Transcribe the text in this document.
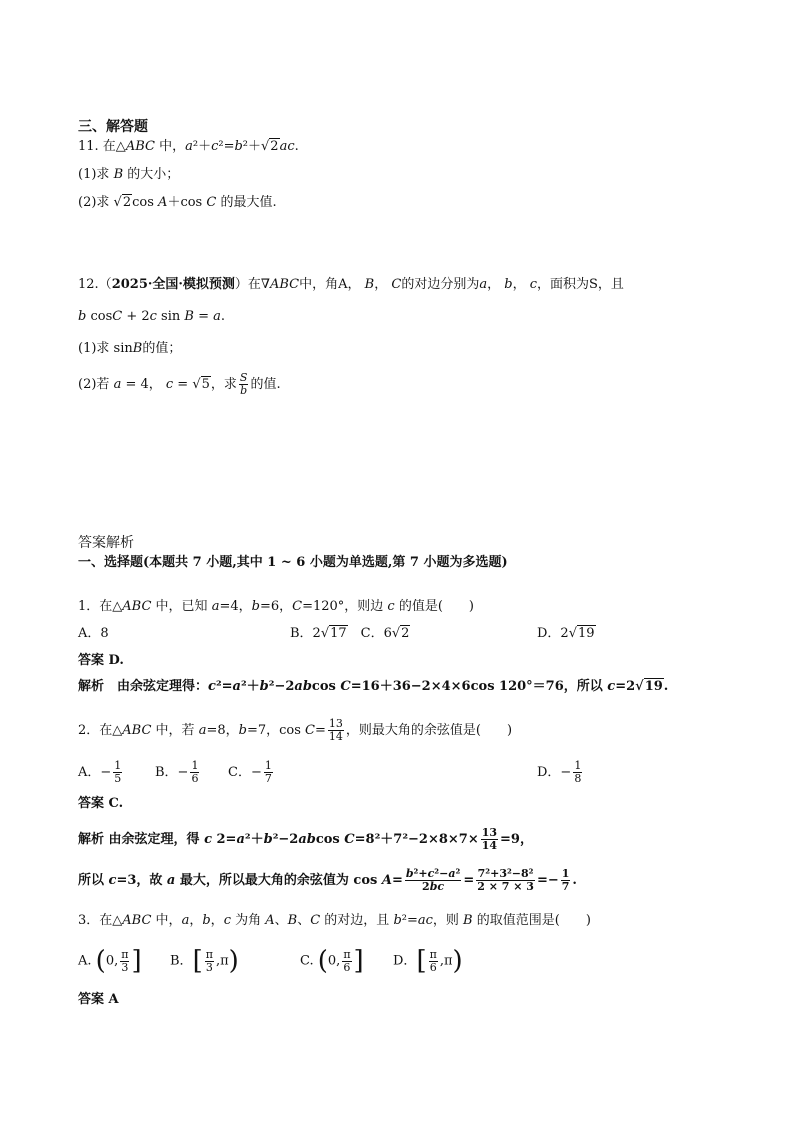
三、解答题
11. 在△ABC 中，a²＋c²=b²＋√2ac.
(1)求 B 的大小；
(2)求 √2cos A＋cos C 的最大值.
12.（2025·全国·模拟预测）在∇ABC中，角A， B， C的对边分别为a， b， c，面积为S，且
b cosC + 2c sin B = a.
(1)求 sinB的值；
(2)若 a = 4， c = √5，求 $\frac{S}{b}$ 的值.
答案解析
一、选择题(本题共 7 小题,其中 1 ~ 6 小题为单选题,第 7 小题为多选题)
1．在△ABC 中，已知 a=4，b=6，C=120°，则边 c 的值是(　　)
A．8	B．2√17　C．6√2	D．2√19
答案 D.
解析　由余弦定理得：c²=a²＋b²−2abcos C=16＋36−2×4×6cos 120°＝76，所以 c=2√19.
2．在△ABC 中，若 a=8，b=7，$\cos C= \frac{13}{14}$ ，则最大角的余弦值是(　　)
A．− $\frac{1}{5}$	B．− $\frac{1}{6}$ C．− $\frac{1}{7}$	D．− $\frac{1}{8}$
答案 C.
解析 由余弦定理，得 c 2=a²＋b²−2abcos $C=8^2+7^2-2\times 8\times 7\times \frac{13}{14} =9$，
所以 c=3，故 a 最大，所以最大角的余弦值为 $\cos A= \frac{\text{b²+c²−a²}}{2bc} = \frac{\text{7²+3²−8²}}{2 \times 7 \times 3} =- \frac{1}{7}$ .
3．在△ABC 中，a，b，c 为角 A、B、C 的对边，且 b²=ac，则 B 的取值范围是(　　)
A. (0, $\frac{\pi}{3}$ ] B．[ $\frac{\pi}{3} ,\pi$)	C. (0, $\frac{\pi}{6}$ ] D．[ $\frac{\pi}{6} ,\pi$)
答案 A
